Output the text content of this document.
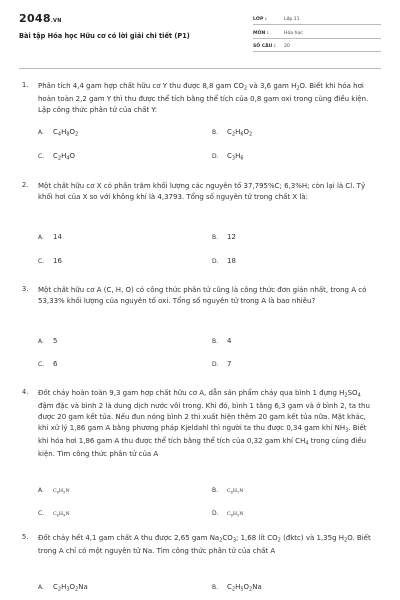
2048.VN
Bài tập Hóa học Hữu cơ có lời giải chi tiết (P1)
LỚP :	Lớp 11
MÔN :	Hóa học
SỐ CÂU : 20
1. Phân tích 4,4 gam hợp chất hữu cơ Y thu được 8,8 gam $CO_2$ và 3,6 gam $H_2O$. Biết khi hóa hơi hoàn toàn 2,2 gam Y thì thu được thể tích bằng thể tích của 0,8 gam oxi trong cùng điều kiện. Lập công thức phân tử của chất Y:
A. $C_4H_8O_2$	B. $C_2H_6O_2$
C. $C_2H_4O$	D. $C_3H_6$
2. Một chất hữu cơ X có phần trăm khối lượng các nguyên tố 37,795%C; 6,3%H; còn lại là Cl. Tỷ khối hơi của X so với không khí là 4,3793. Tổng số nguyên tử trong chất X là:
A. 14	B. 12
C. 16	D. 18
3. Một chất hữu cơ A (C, H, O) có công thức phân tử cũng là công thức đơn giản nhất, trong A có 53,33% khối lượng của nguyên tố oxi. Tổng số nguyên tử trong A là bao nhiêu?
A. 5	B. 4
C. 6	D. 7
4. Đốt cháy hoàn toàn 9,3 gam hợp chất hữu cơ A, dẫn sản phẩm cháy qua bình 1 đựng $H_2SO_4$ đậm đặc và bình 2 là dung dịch nước vôi trong. Khi đó, bình 1 tăng 6,3 gam và ở bình 2, ta thu được 20 gam kết tủa. Nếu đun nóng bình 2 thì xuất hiện thêm 20 gam kết tủa nữa. Mặt khác, khi xử lý 1,86 gam A bằng phương pháp Kjeldahl thì người ta thu được 0,34 gam khí $NH_3$. Biết khi hóa hơi 1,86 gam A thu được thể tích bằng thể tích của 0,32 gam khí $CH_4$ trong cùng điều kiện. Tìm công thức phân tử của A
A. $C_6H_5N$	B. $C_6H_7N$
C. $C_6H_9N$	D. $C_6H_5N$
5. Đốt cháy hết 4,1 gam chất A thu được 2,65 gam $Na_2CO_3$; 1,68 lít $CO_2$ (đktc) và 1,35g $H_2O$. Biết trong A chỉ có một nguyên tử Na. Tìm công thức phân tử của chất A
A. $C_2H_3O_2Na$	B. $C_2H_5O_2Na$
